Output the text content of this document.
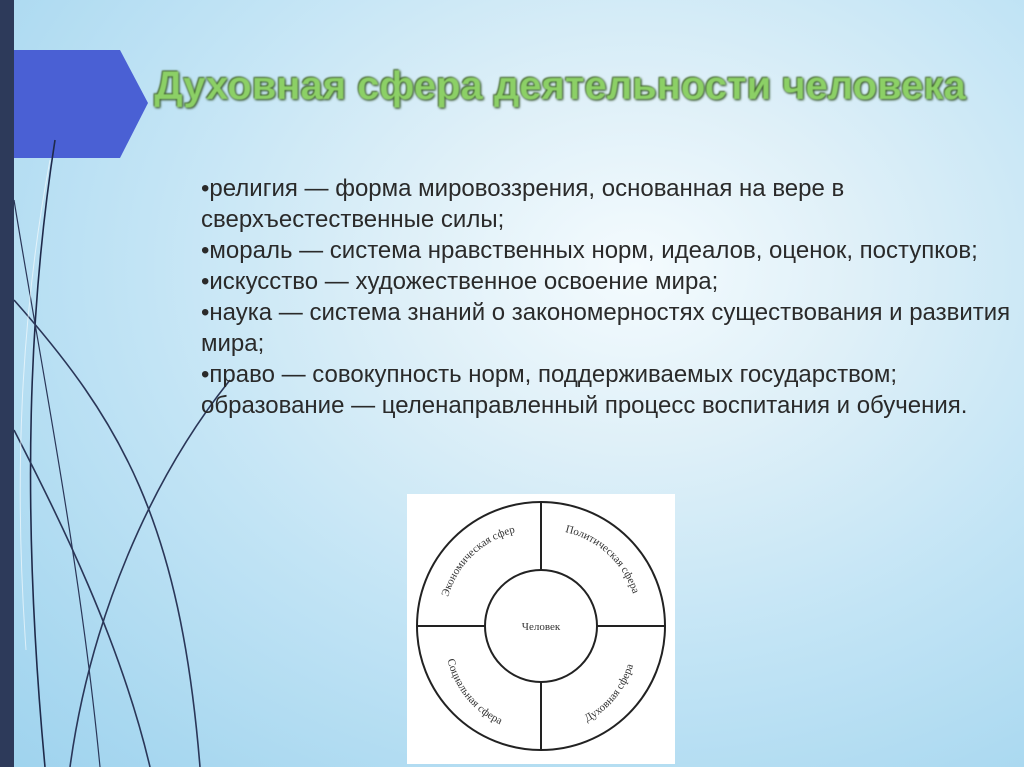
Духовная сфера деятельности человека
•религия — форма мировоззрения, основанная на вере в сверхъестественные силы;
•мораль — система нравственных норм, идеалов, оценок, поступков;
•искусство — художественное освоение мира;
•наука — система знаний о закономерностях существования и развития мира;
•право — совокупность норм, поддерживаемых государством;
образование — целенаправленный процесс воспитания и обучения.
Человек
Экономическая сфер	Политическая сфера
Социальная сфера	Духовная сфера
